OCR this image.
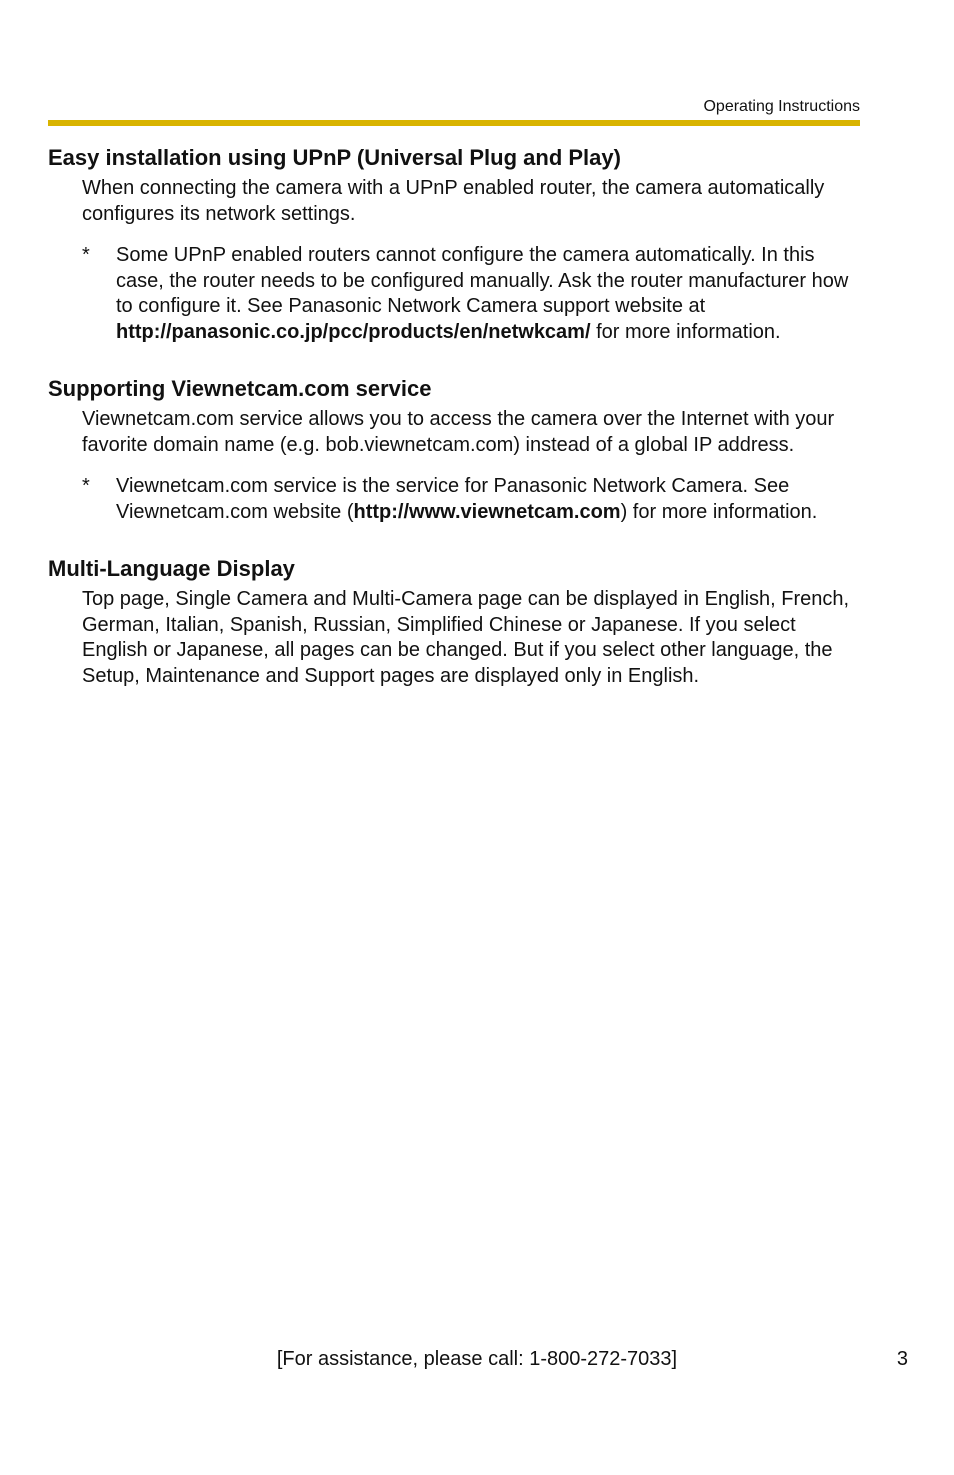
Operating Instructions
Easy installation using UPnP (Universal Plug and Play)
When connecting the camera with a UPnP enabled router, the camera automatically configures its network settings.
* Some UPnP enabled routers cannot configure the camera automatically. In this case, the router needs to be configured manually. Ask the router manufacturer how to configure it. See Panasonic Network Camera support website at
http://panasonic.co.jp/pcc/products/en/netwkcam/ for more information.
Supporting Viewnetcam.com service
Viewnetcam.com service allows you to access the camera over the Internet with your favorite domain name (e.g. bob.viewnetcam.com) instead of a global IP address.
* Viewnetcam.com service is the service for Panasonic Network Camera. See Viewnetcam.com website (http://www.viewnetcam.com) for more information.
Multi-Language Display
Top page, Single Camera and Multi-Camera page can be displayed in English, French, German, Italian, Spanish, Russian, Simplified Chinese or Japanese. If you select English or Japanese, all pages can be changed. But if you select other language, the Setup, Maintenance and Support pages are displayed only in English.
[For assistance, please call: 1-800-272-7033]	3
